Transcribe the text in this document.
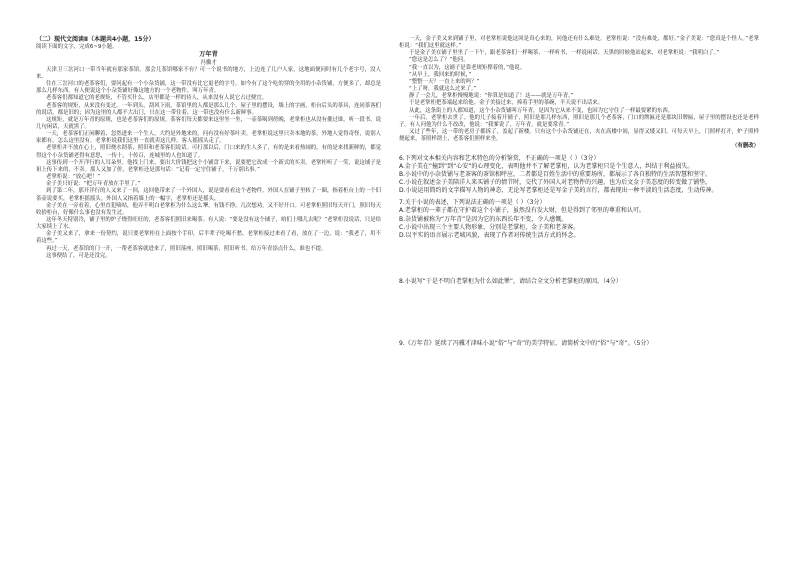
（二）现代文阅读Ⅱ（本题共4小题，15分）

阅读下面的文字，完成6~9小题。

万年青

冯骥才

天津卫三岔河口一带当年就有那家茶馆。那会儿茶馆哪家不有？可一个说书的地方，上边连了几户人家，这地面便同时有几个老字号，没人来。

住在三岔河口的老茶客们，要问起有一个小杂货铺，这一带没有比它更老的字号。如今有了这个吃的穿的全用的小杂货铺，方便多了，却总是那么几样东西。有人便说这个小杂货铺好像这地方的一个老物件，叫万年青。

老茶客们都知道它的老规矩，不管买什么，店里都是一样的待人，从来没有人说它占过便宜。

老茶客的规矩，从来没有变过。一年到头，刮风下雨，茶馆里的人都是那么几个。屋子里的摆设，墙上的字画，柜台后头的茶具，连同茶客们的说话，都是旧的；因为这里的人都不大出门，只在这一带住着，这一带也没有什么新鲜事。

这规矩，就是万年青的原规，也是老茶客们的原规。茶客们每天都要来这里坐一坐，一壶茶喝到傍晚，老掌柜也从没有催过谁，听一段书，说几句闲话，天就黑了。

一天，老茶客们正闲聊着，忽然进来一个生人，大约是外地来的，问有没有好茶叶卖。老掌柜说这里只卖本地的茶，外地人觉得奇怪，说别人家都有，怎么这里没有。老掌柜说我们这里一直就卖这几样，客人摇摇头走了。

老掌柜并不放在心上，照旧烧水沏茶，照旧和老茶客们说话。可打那以后，门口来的生人多了，有的是来看热闹的，有的是来找新鲜的，都觉得这个小杂货铺老得有意思，一传十，十传百，连城里的人也知道了。

这事传到一个开洋行的人耳朵里。他找上门来，要出大价钱把这个小铺盘下来，说要把它改成一个新式的买卖。老掌柜听了一笑，说这铺子是祖上传下来的，不卖。那人又加了价，老掌柜还是那句话：“记着一定守住铺子，千万别出事。”

老掌柜说：“放心吧！”

金子美只好说：“把万年青放在手里了。”

到了第二年，那开洋行的人又来了一回，这回他带来了一个外国人，说是要看看这个老物件。外国人在铺子里转了一圈，指着柜台上的一个旧茶壶说要买，老掌柜摇摇头。外国人又指着墙上的一幅字，老掌柜还是摇头。

金子美在一旁看着，心里直犯嘀咕，他弄不明白老掌柜为什么这么犟，有钱不挣。几次想劝，又不好开口。可老掌柜照旧每天开门，照旧每天收拾柜台，好像什么事也没有发生过。

这年冬天特别冷，铺子里的炉子烧得旺旺的，老茶客们照旧来喝茶。有人说：“要是没有这个铺子，咱们上哪儿去呢？”老掌柜没说话，只是给大家续上了水。

金子美又来了，拿来一份契约，说只要老掌柜在上面按个手印，后半辈子吃喝不愁。老掌柜接过来看了看，放在了一边，说：“我老了，用不着这些。”

再过一天，老茶馆的门一开，一帮老茶客就进来了，照旧落座，照旧喝茶，照旧听书。给万年青添点什么，谁也不提。

这事便结了，可是还没完。

一天，金子美又来到铺子里，对老掌柜说他这回是真心来的，问他还有什么难处。老掌柜说：“没有难处，都好。”金子美说：“您真是个怪人。”老掌柜说：“我们这里就这样。”

于是金子美在铺子里坐了一下午，跟老茶客们一样喝茶，一样听书，一样说闲话。天黑的时候他站起来，对老掌柜说：“我明白了。”

“您这是怎么了？”他问。

“我一直以为，这铺子是靠老规矩撑着的，”他说。

“从早上，我回来的时候，”

“整整一天？一直上来的吗？”

“上了呀，我就这么过来了。”

静了一会儿，老掌柜慢慢地说：“你算是知道了！这——就是万年青。”

于是老掌柜把茶端起来给他。金子美接过来，捧着手里的茶碗，半天说不出话来。

从此，这条街上的人都知道，这个小杂货铺叫万年青，是因为它从来不变，也因为它守住了一样最要紧的东西。

一年后，老掌柜去世了。他的儿子接着开铺子，照旧是那几样东西，照旧是那几个老茶客，门口的牌匾还是那块旧牌匾，屋子里的摆设也还是老样子。有人问他为什么不改改，他说：“我爹说了，万年青，就是要常青。”

又过了些年，这一带的老房子都拆了，盖起了新楼。只有这个小杂货铺还在，夹在高楼中间，显得又矮又旧。可每天早上，门照样打开，炉子照样烧起来，茶照样沏上，老茶客们照样来坐。

（有删改）

6.下列对文本相关内容和艺术特色的分析鉴赏，不正确的一项是（ ）（3分）

A.金子美在“撞到”到“心安”的心理变化，表明他并不了解老掌柜，认为老掌柜只是个生意人，纠结于利益损失。

B.小说中的小杂货铺与老茶客的茶馆相呼应，二者都是百姓生活中的重要场所，都展示了各自独特的生活智慧和坚守。

C.小说在叙述金子美陪洋人来买铺子的情节时，交代了外国人对老物件的兴趣，也为后文金子美态度的转变做了铺垫。

D.小说运用简约的文字描写人物的神态，无论写老掌柜还是写金子美的言行，都表现出一种平淡的生活态度，生动传神。

7.关于小说的表述，下列说法正确的一项是（ ）（3分）

A.老掌柜的一辈子都在守护着这个小铺子，虽然没有发大财，但是得到了邻里的尊重和认可。

B.杂货铺被称为“万年青”是因为它的东西长年不变，令人感慨。

C.小说中出现三个主要人物形象，分别是老掌柜、金子美和老茶客。

D.以平实的语言展示老城风貌，表现了作者对传统生活方式的怀念。

8.小说写“于是不明白老掌柜为什么如此犟”，请结合全文分析老掌柜的原因。（4分）

9.《万年青》延续了冯骥才津味小说“俗”与“奇”的美学特征，请简析文中的“俗”与“奇”。（5分）
